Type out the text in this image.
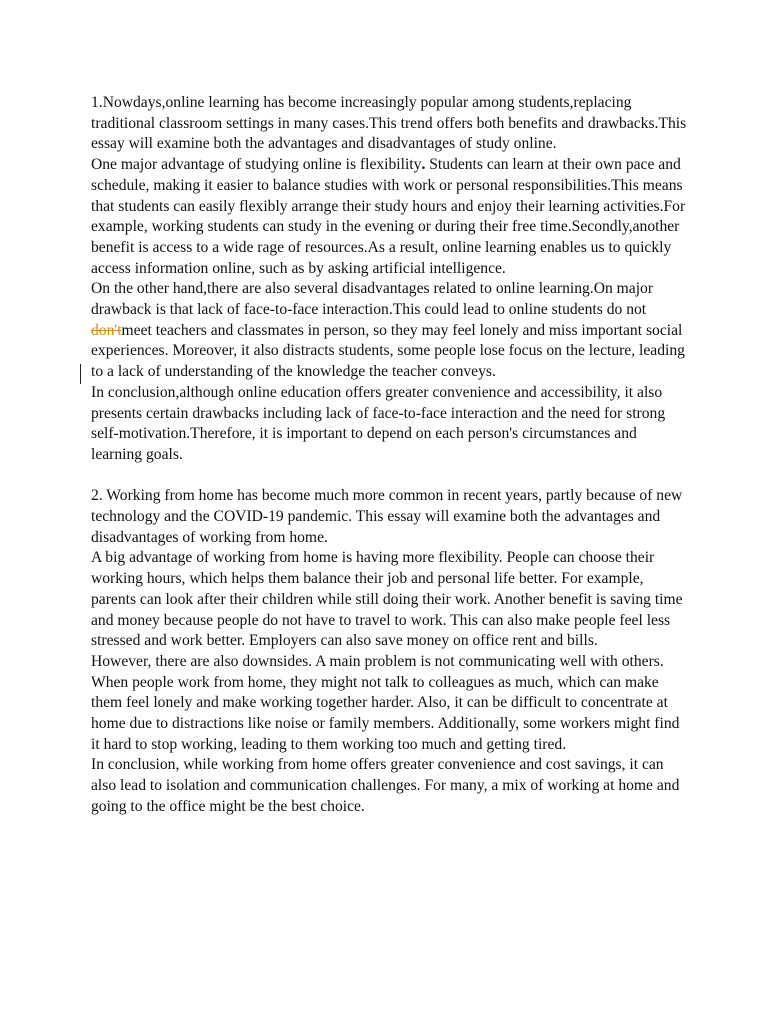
1.Nowdays,online learning has become increasingly popular among students,replacing traditional classroom settings in many cases.This trend offers both benefits and drawbacks.This essay will examine both the advantages and disadvantages of study online.

One major advantage of studying online is flexibility. Students can learn at their own pace and schedule, making it easier to balance studies with work or personal responsibilities.This means that students can easily flexibly arrange their study hours and enjoy their learning activities.For example, working students can study in the evening or during their free time.Secondly,another benefit is access to a wide rage of resources.As a result, online learning enables us to quickly access information online, such as by asking artificial intelligence.

On the other hand,there are also several disadvantages related to online learning.On major drawback is that lack of face-to-face interaction.This could lead to online students do not don'tmeet teachers and classmates in person, so they may feel lonely and miss important social experiences. Moreover, it also distracts students, some people lose focus on the lecture, leading to a lack of understanding of the knowledge the teacher conveys.

In conclusion,although online education offers greater convenience and accessibility, it also presents certain drawbacks including lack of face-to-face interaction and the need for strong self-motivation.Therefore, it is important to depend on each person's circumstances and learning goals.

2. Working from home has become much more common in recent years, partly because of new technology and the COVID-19 pandemic. This essay will examine both the advantages and disadvantages of working from home.

A big advantage of working from home is having more flexibility. People can choose their working hours, which helps them balance their job and personal life better. For example, parents can look after their children while still doing their work. Another benefit is saving time and money because people do not have to travel to work. This can also make people feel less stressed and work better. Employers can also save money on office rent and bills.

However, there are also downsides. A main problem is not communicating well with others. When people work from home, they might not talk to colleagues as much, which can make them feel lonely and make working together harder. Also, it can be difficult to concentrate at home due to distractions like noise or family members. Additionally, some workers might find it hard to stop working, leading to them working too much and getting tired.

In conclusion, while working from home offers greater convenience and cost savings, it can also lead to isolation and communication challenges. For many, a mix of working at home and going to the office might be the best choice.
